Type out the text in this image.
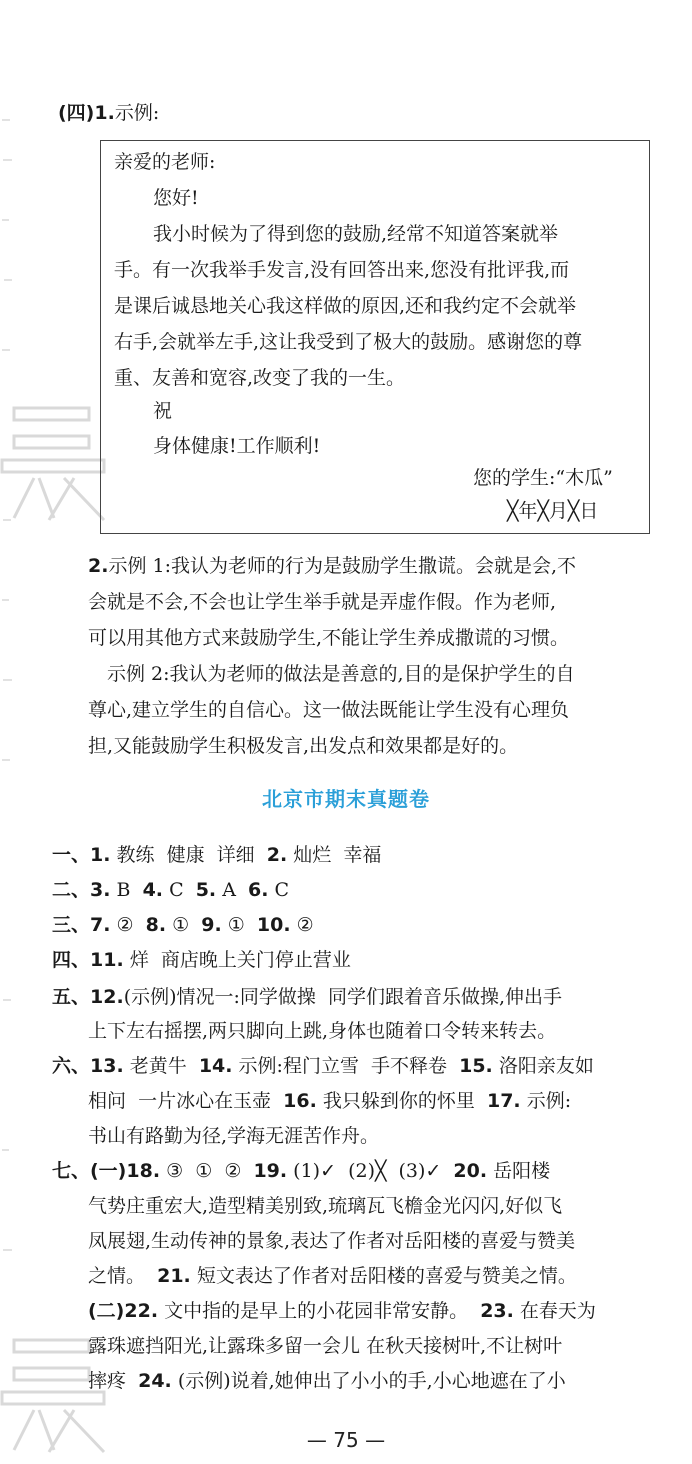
(四)1.示例:
亲爱的老师:
您好!
我小时候为了得到您的鼓励,经常不知道答案就举
手。有一次我举手发言,没有回答出来,您没有批评我,而
是课后诚恳地关心我这样做的原因,还和我约定不会就举
右手,会就举左手,这让我受到了极大的鼓励。感谢您的尊
重、友善和宽容,改变了我的一生。
祝
身体健康!工作顺利!
您的学生:“木瓜”
╳年╳月╳日
2.示例 1:我认为老师的行为是鼓励学生撒谎。会就是会,不
会就是不会,不会也让学生举手就是弄虚作假。作为老师,
可以用其他方式来鼓励学生,不能让学生养成撒谎的习惯。
示例 2:我认为老师的做法是善意的,目的是保护学生的自
尊心,建立学生的自信心。这一做法既能让学生没有心理负
担,又能鼓励学生积极发言,出发点和效果都是好的。
北京市期末真题卷
一、1. 教练  健康  详细  2. 灿烂  幸福
二、3. B  4. C  5. A  6. C
三、7. ②  8. ①  9. ①  10. ②
四、11. 烊  商店晚上关门停止营业
五、12.(示例)情况一:同学做操  同学们跟着音乐做操,伸出手
上下左右摇摆,两只脚向上跳,身体也随着口令转来转去。
六、13. 老黄牛  14. 示例:程门立雪  手不释卷  15. 洛阳亲友如
相问  一片冰心在玉壶  16. 我只躲到你的怀里  17. 示例:
书山有路勤为径,学海无涯苦作舟。
七、(一)18. ③  ①  ②  19. (1)✓  (2)╳  (3)✓  20. 岳阳楼
气势庄重宏大,造型精美别致,琉璃瓦飞檐金光闪闪,好似飞
凤展翅,生动传神的景象,表达了作者对岳阳楼的喜爱与赞美
之情。  21. 短文表达了作者对岳阳楼的喜爱与赞美之情。
(二)22. 文中指的是早上的小花园非常安静。  23. 在春天为
露珠遮挡阳光,让露珠多留一会儿 在秋天接树叶,不让树叶
摔疼  24. (示例)说着,她伸出了小小的手,小心地遮在了小
— 75 —
